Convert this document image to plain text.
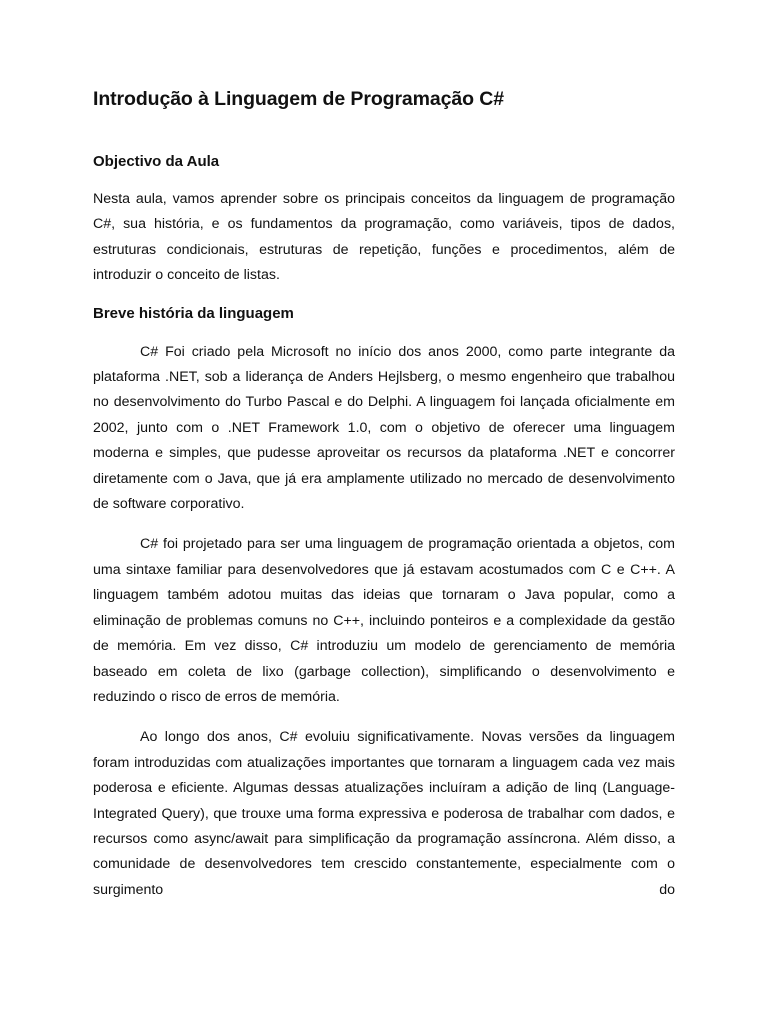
Introdução à Linguagem de Programação C#
Objectivo da Aula

Nesta aula, vamos aprender sobre os principais conceitos da linguagem de programação C#, sua história, e os fundamentos da programação, como variáveis, tipos de dados, estruturas condicionais, estruturas de repetição, funções e procedimentos, além de introduzir o conceito de listas.

Breve história da linguagem

C# Foi criado pela Microsoft no início dos anos 2000, como parte integrante da plataforma .NET, sob a liderança de Anders Hejlsberg, o mesmo engenheiro que trabalhou no desenvolvimento do Turbo Pascal e do Delphi. A linguagem foi lançada oficialmente em 2002, junto com o .NET Framework 1.0, com o objetivo de oferecer uma linguagem moderna e simples, que pudesse aproveitar os recursos da plataforma .NET e concorrer diretamente com o Java, que já era amplamente utilizado no mercado de desenvolvimento de software corporativo.

C# foi projetado para ser uma linguagem de programação orientada a objetos, com uma sintaxe familiar para desenvolvedores que já estavam acostumados com C e C++. A linguagem também adotou muitas das ideias que tornaram o Java popular, como a eliminação de problemas comuns no C++, incluindo ponteiros e a complexidade da gestão de memória. Em vez disso, C# introduziu um modelo de gerenciamento de memória baseado em coleta de lixo (garbage collection), simplificando o desenvolvimento e reduzindo o risco de erros de memória.

Ao longo dos anos, C# evoluiu significativamente. Novas versões da linguagem foram introduzidas com atualizações importantes que tornaram a linguagem cada vez mais poderosa e eficiente. Algumas dessas atualizações incluíram a adição de linq (Language-Integrated Query), que trouxe uma forma expressiva e poderosa de trabalhar com dados, e recursos como async/await para simplificação da programação assíncrona. Além disso, a comunidade de desenvolvedores tem crescido constantemente, especialmente com o surgimento do
